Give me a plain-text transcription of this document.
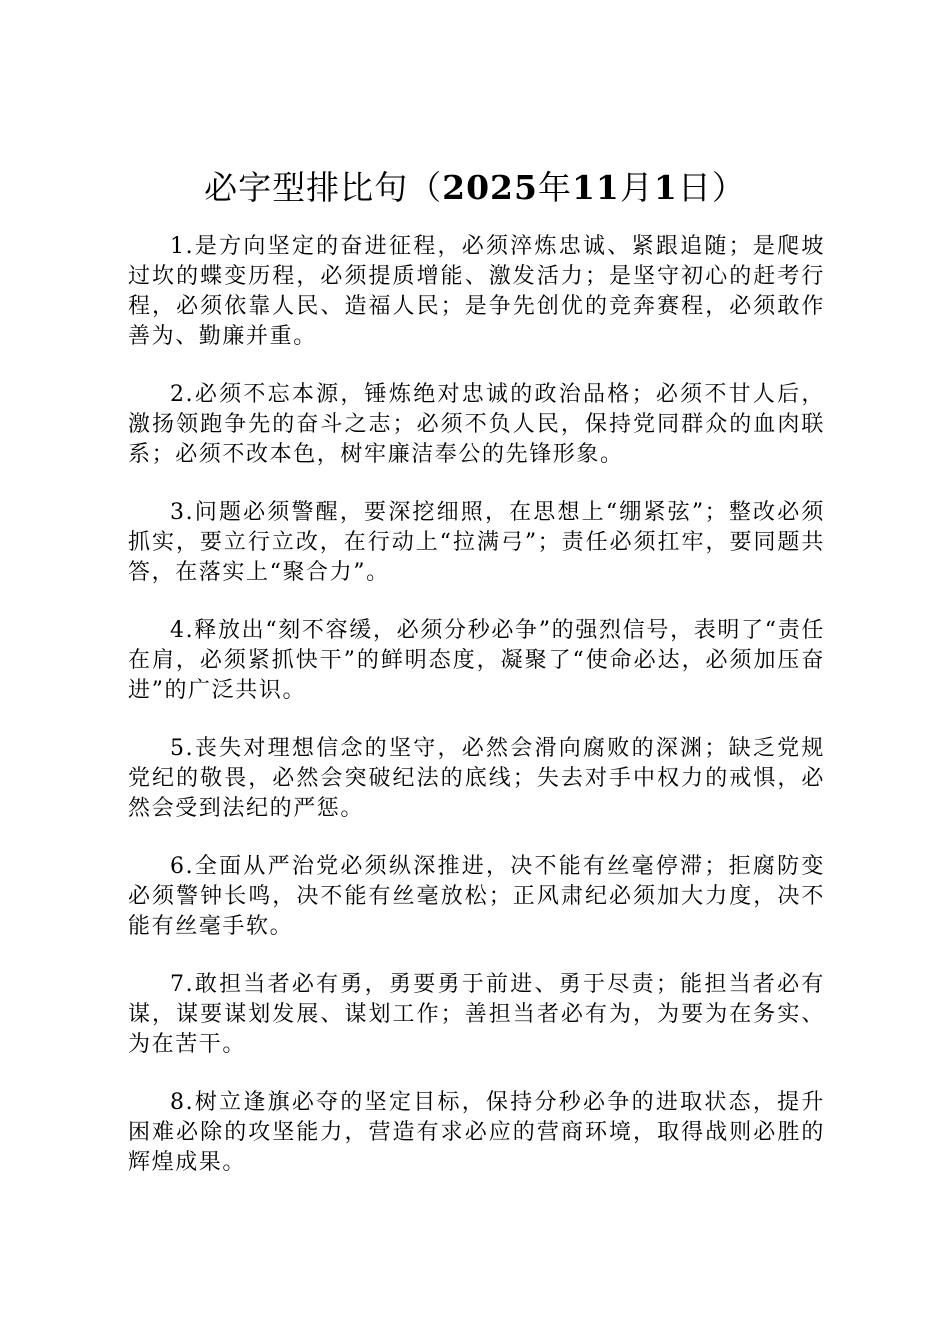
必字型排比句（2025年11月1日）

1.是方向坚定的奋进征程，必须淬炼忠诚、紧跟追随；是爬坡过坎的蝶变历程，必须提质增能、激发活力；是坚守初心的赶考行程，必须依靠人民、造福人民；是争先创优的竞奔赛程，必须敢作善为、勤廉并重。

2.必须不忘本源，锤炼绝对忠诚的政治品格；必须不甘人后，激扬领跑争先的奋斗之志；必须不负人民，保持党同群众的血肉联系；必须不改本色，树牢廉洁奉公的先锋形象。

3.问题必须警醒，要深挖细照，在思想上“绷紧弦”；整改必须抓实，要立行立改，在行动上“拉满弓”；责任必须扛牢，要同题共答，在落实上“聚合力”。

4.释放出“刻不容缓，必须分秒必争”的强烈信号，表明了“责任在肩，必须紧抓快干”的鲜明态度，凝聚了“使命必达，必须加压奋进”的广泛共识。

5.丧失对理想信念的坚守，必然会滑向腐败的深渊；缺乏党规党纪的敬畏，必然会突破纪法的底线；失去对手中权力的戒惧，必然会受到法纪的严惩。

6.全面从严治党必须纵深推进，决不能有丝毫停滞；拒腐防变必须警钟长鸣，决不能有丝毫放松；正风肃纪必须加大力度，决不能有丝毫手软。

7.敢担当者必有勇，勇要勇于前进、勇于尽责；能担当者必有谋，谋要谋划发展、谋划工作；善担当者必有为，为要为在务实、为在苦干。

8.树立逢旗必夺的坚定目标，保持分秒必争的进取状态，提升困难必除的攻坚能力，营造有求必应的营商环境，取得战则必胜的辉煌成果。
